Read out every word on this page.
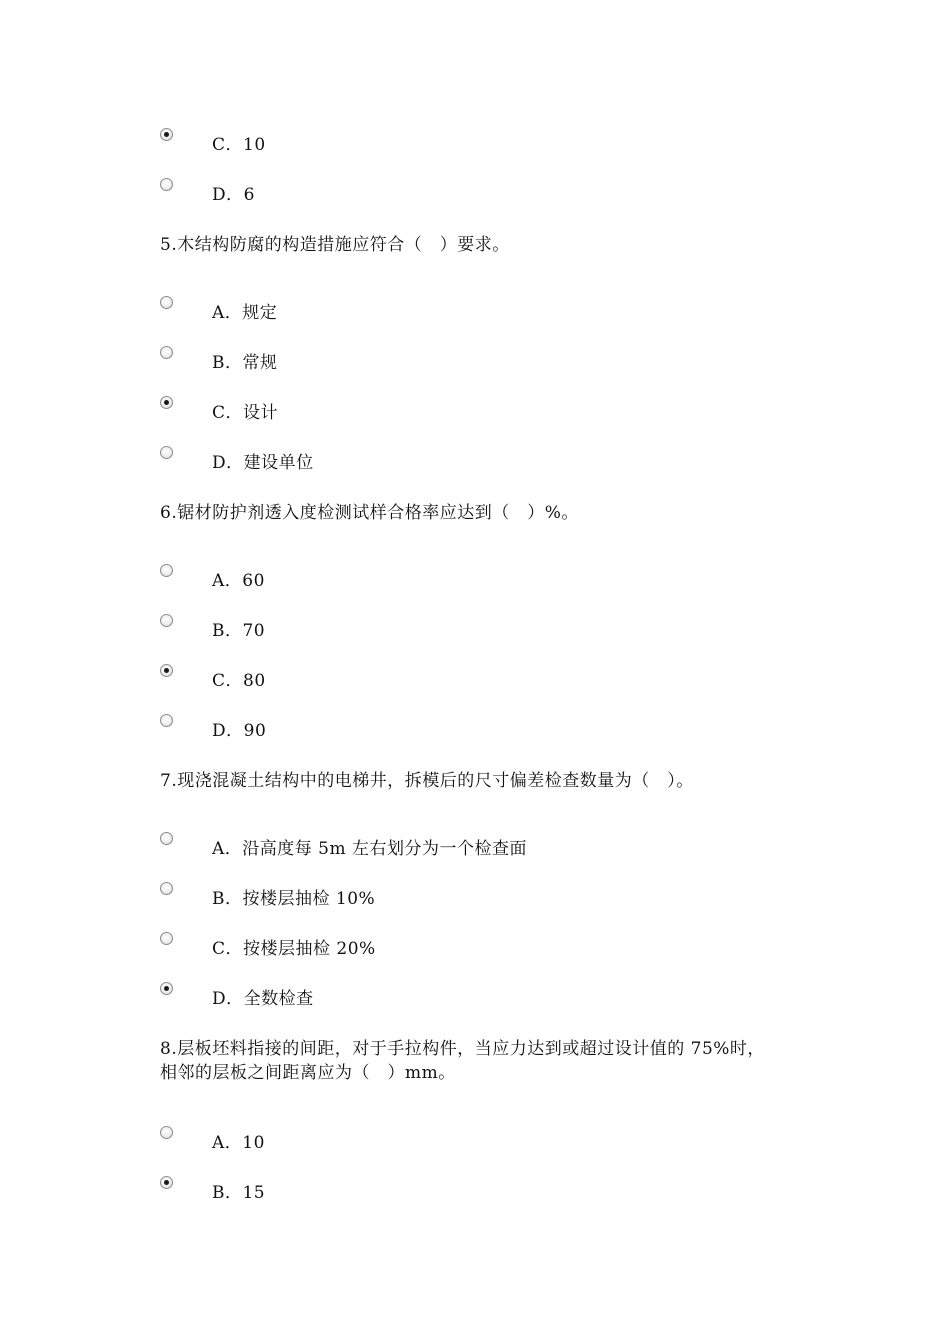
C．10
D．6
5.木结构防腐的构造措施应符合（　）要求。
A．规定
B．常规
C．设计
D．建设单位
6.锯材防护剂透入度检测试样合格率应达到（　）%。
A．60
B．70
C．80
D．90
7.现浇混凝土结构中的电梯井，拆模后的尺寸偏差检查数量为（　）。
A．沿高度每 5m 左右划分为一个检查面
B．按楼层抽检 10%
C．按楼层抽检 20%
D．全数检查
8.层板坯料指接的间距，对于手拉构件，当应力达到或超过设计值的 75%时，
相邻的层板之间距离应为（　）mm。
A．10
B．15
